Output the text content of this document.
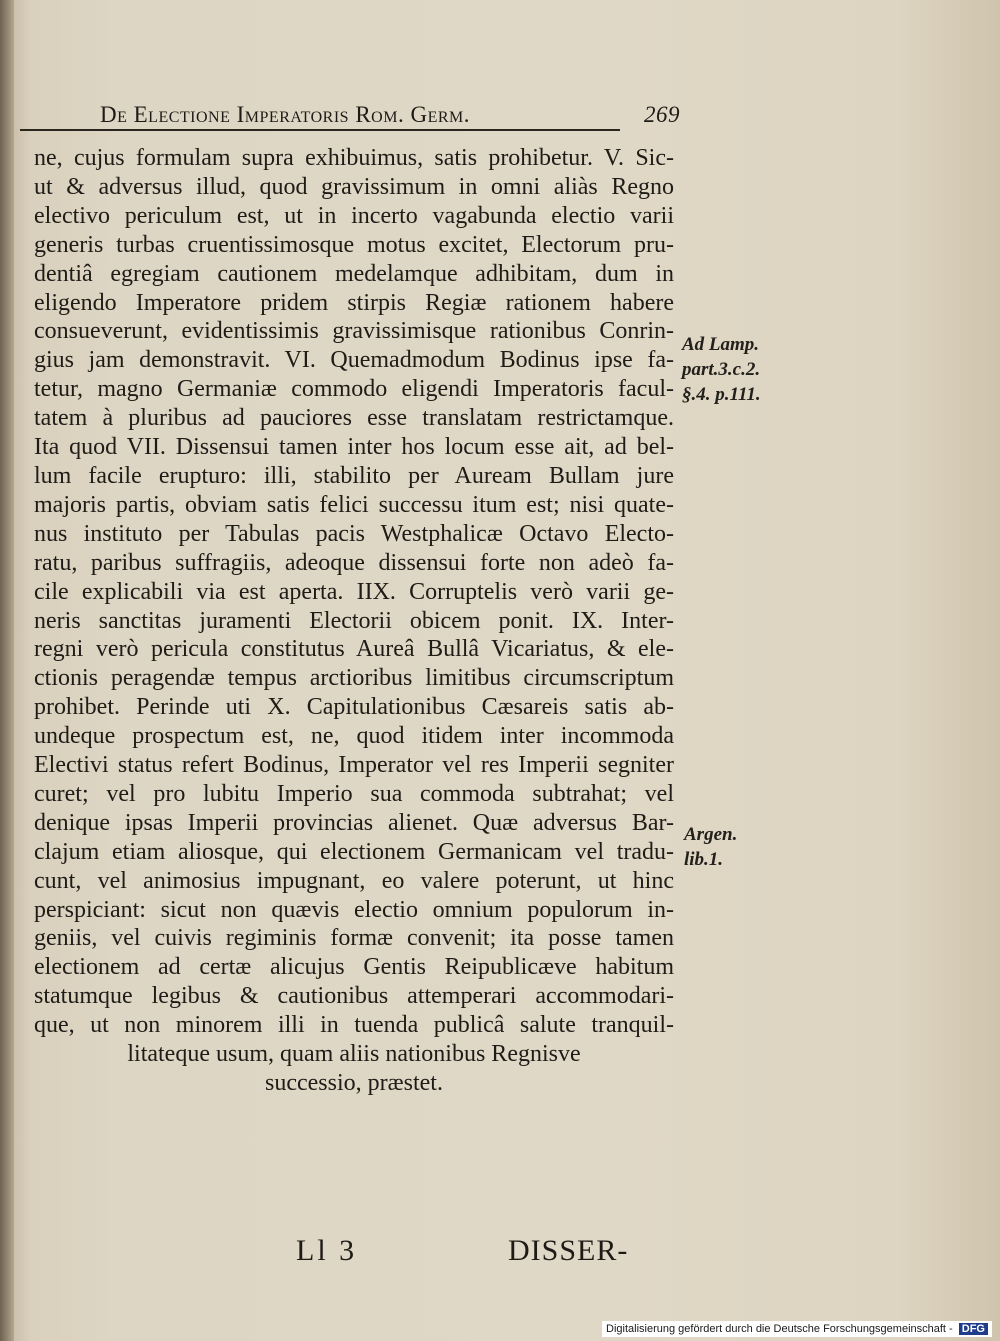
De Electione Imperatoris Rom. Germ.	269
ne, cujus formulam supra exhibuimus, satis prohibetur. V. Sic-
ut & adversus illud, quod gravissimum in omni aliàs Regno
electivo periculum est, ut in incerto vagabunda electio varii
generis turbas cruentissimosque motus excitet, Electorum pru-
dentiâ egregiam cautionem medelamque adhibitam, dum in
eligendo Imperatore pridem stirpis Regiæ rationem habere
consueverunt, evidentissimis gravissimisque rationibus Conrin-
gius jam demonstravit. VI. Quemadmodum Bodinus ipse fa-
tetur, magno Germaniæ commodo eligendi Imperatoris facul-
tatem à pluribus ad pauciores esse translatam restrictamque.
Ita quod VII. Dissensui tamen inter hos locum esse ait, ad bel-
lum facile erupturo: illi, stabilito per Auream Bullam jure
majoris partis, obviam satis felici successu itum est; nisi quate-
nus instituto per Tabulas pacis Westphalicæ Octavo Electo-
ratu, paribus suffragiis, adeoque dissensui forte non adeò fa-
cile explicabili via est aperta. IIX. Corruptelis verò varii ge-
neris sanctitas juramenti Electorii obicem ponit. IX. Inter-
regni verò pericula constitutus Aureâ Bullâ Vicariatus, & ele-
ctionis peragendæ tempus arctioribus limitibus circumscriptum
prohibet. Perinde uti X. Capitulationibus Cæsareis satis ab-
undeque prospectum est, ne, quod itidem inter incommoda
Electivi status refert Bodinus, Imperator vel res Imperii segniter
curet; vel pro lubitu Imperio sua commoda subtrahat; vel
denique ipsas Imperii provincias alienet. Quæ adversus Bar-
clajum etiam aliosque, qui electionem Germanicam vel tradu-
cunt, vel animosius impugnant, eo valere poterunt, ut hinc
perspiciant: sicut non quævis electio omnium populorum in-
geniis, vel cuivis regiminis formæ convenit; ita posse tamen
electionem ad certæ alicujus Gentis Reipublicæve habitum
statumque legibus & cautionibus attemperari accommodari-
que, ut non minorem illi in tuenda publicâ salute tranquil-
litateque usum, quam aliis nationibus Regnisve
successio, præstet.
Ad Lamp.
part.3.c.2.
§.4. p.111.
Argen.
lib.1.
Ll 3	DISSER-
Digitalisierung gefördert durch die Deutsche Forschungsgemeinschaft - DFG
